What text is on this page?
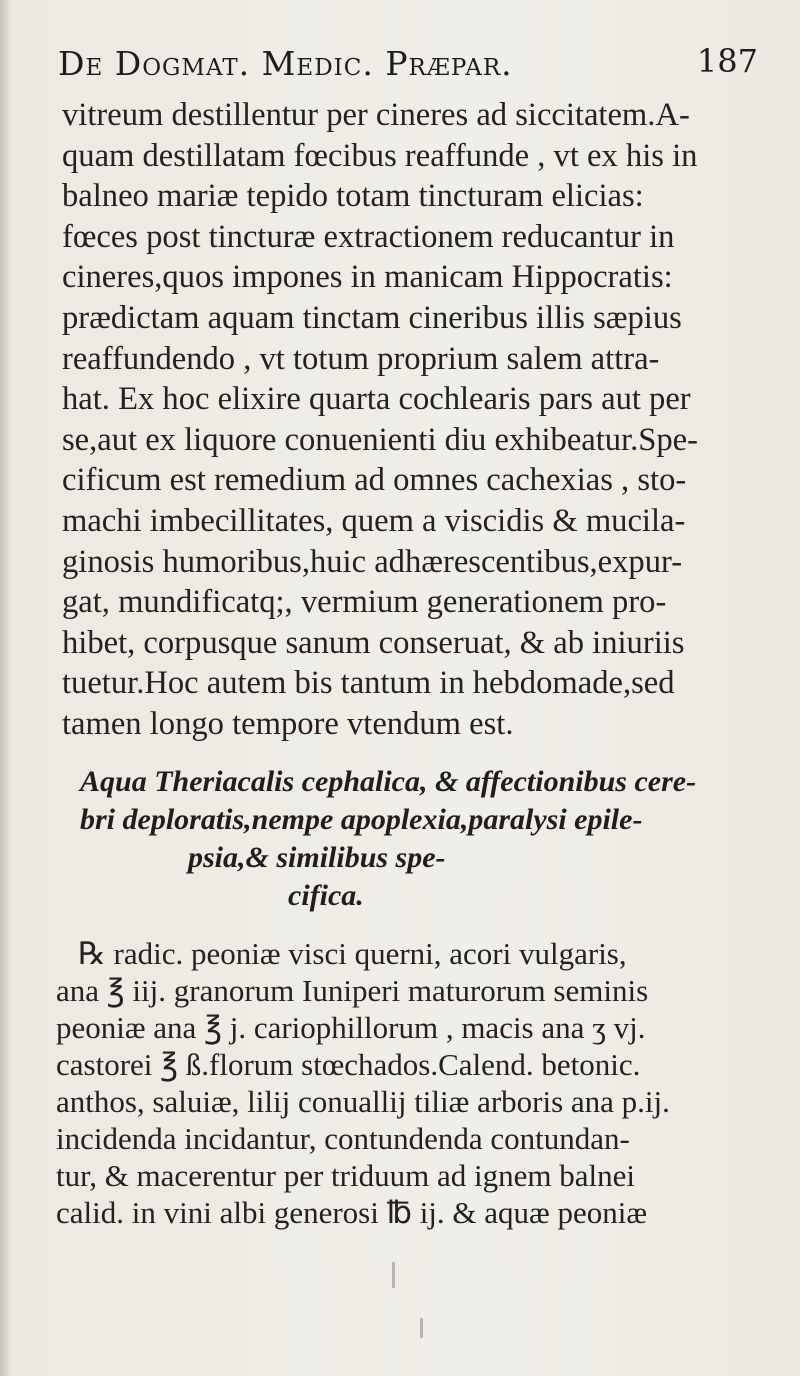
De Dogmat. Medic. Præpar.	187
vitreum destillentur per cineres ad siccitatem.A-
quam destillatam fœcibus reaffunde , vt ex his in
balneo mariæ tepido totam tincturam elicias:
fœces post tincturæ extractionem reducantur in
cineres,quos impones in manicam Hippocratis:
prædictam aquam tinctam cineribus illis sæpius
reaffundendo , vt totum proprium salem attra-
hat. Ex hoc elixire quarta cochlearis pars aut per
se,aut ex liquore conuenienti diu exhibeatur.Spe-
cificum est remedium ad omnes cachexias , sto-
machi imbecillitates, quem a viscidis & mucila-
ginosis humoribus,huic adhærescentibus,expur-
gat, mundificatq;, vermium generationem pro-
hibet, corpusque sanum conseruat, & ab iniuriis
tuetur.Hoc autem bis tantum in hebdomade,sed
tamen longo tempore vtendum est.
Aqua Theriacalis cephalica, & affectionibus cere-
bri deploratis,nempe apoplexia,paralysi epile-
psia,& similibus spe-
cifica.
℞ radic. peoniæ visci querni, acori vulgaris,
ana ℥ iij. granorum Iuniperi maturorum seminis
peoniæ ana ℥ j. cariophillorum , macis ana ʒ vj.
castorei ℥ ß.florum stœchados.Calend. betonic.
anthos, saluiæ, lilij conuallij tiliæ arboris ana p.ij.
incidenda incidantur, contundenda contundan-
tur, & macerentur per triduum ad ignem balnei
calid. in vini albi generosi ℔ ij. & aquæ peoniæ
